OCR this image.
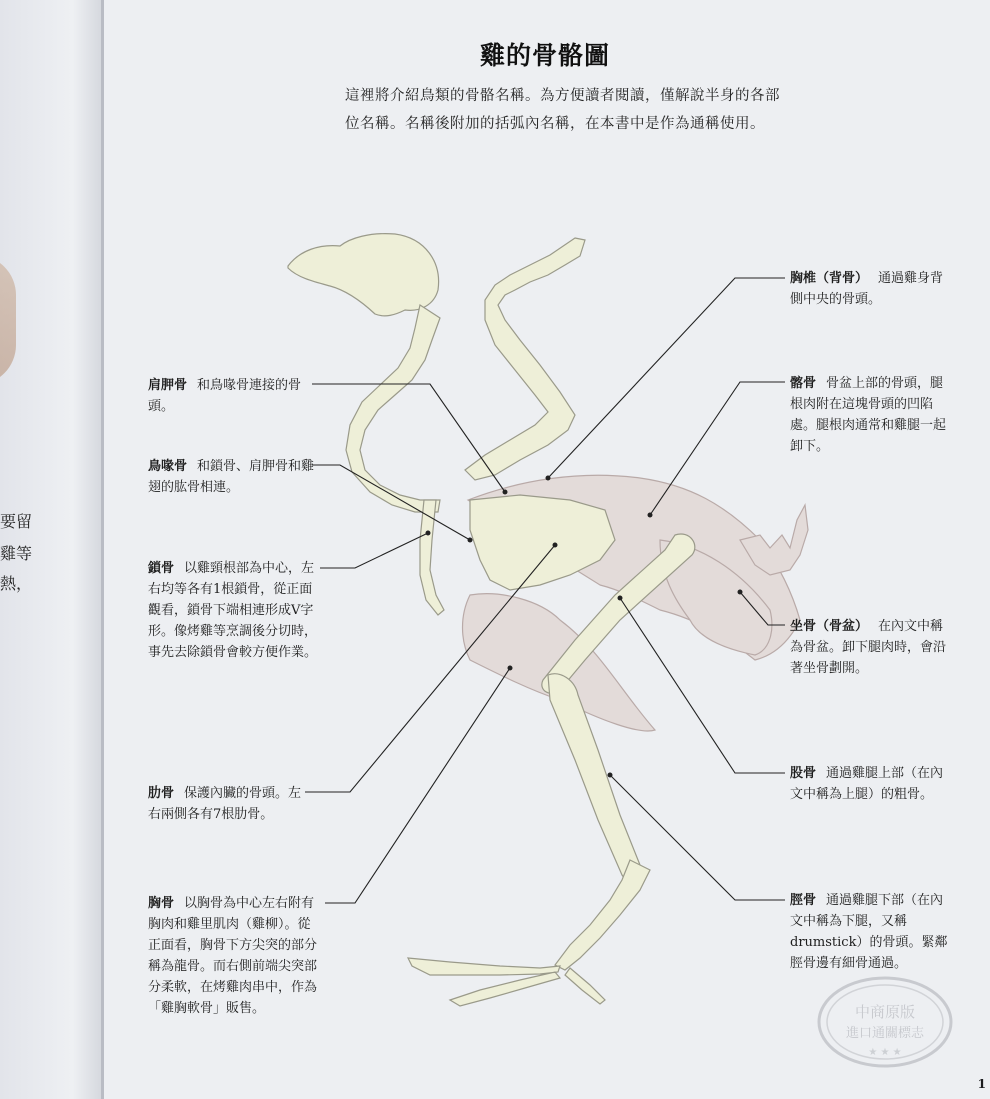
要留
雞等
熱，
雞的骨骼圖
這裡將介紹鳥類的骨骼名稱。為方便讀者閱讀，僅解說半身的各部位名稱。名稱後附加的括弧內名稱，在本書中是作為通稱使用。
肩胛骨 和鳥喙骨連接的骨頭。
鳥喙骨 和鎖骨、肩胛骨和雞翅的肱骨相連。
鎖骨 以雞頸根部為中心，左右均等各有1根鎖骨，從正面觀看，鎖骨下端相連形成V字形。像烤雞等烹調後分切時，事先去除鎖骨會較方便作業。
肋骨 保護內臟的骨頭。左右兩側各有7根肋骨。
胸骨 以胸骨為中心左右附有胸肉和雞里肌肉（雞柳）。從正面看，胸骨下方尖突的部分稱為龍骨。而右側前端尖突部分柔軟，在烤雞肉串中，作為「雞胸軟骨」販售。
胸椎（背骨） 通過雞身背側中央的骨頭。
髂骨 骨盆上部的骨頭，腿根肉附在這塊骨頭的凹陷處。腿根肉通常和雞腿一起卸下。
坐骨（骨盆） 在內文中稱為骨盆。卸下腿肉時，會沿著坐骨劃開。
股骨 通過雞腿上部（在內文中稱為上腿）的粗骨。
脛骨 通過雞腿下部（在內文中稱為下腿，又稱drumstick）的骨頭。緊鄰脛骨邊有細骨通過。
中商原版
進口通關標志
★ ★ ★
1
